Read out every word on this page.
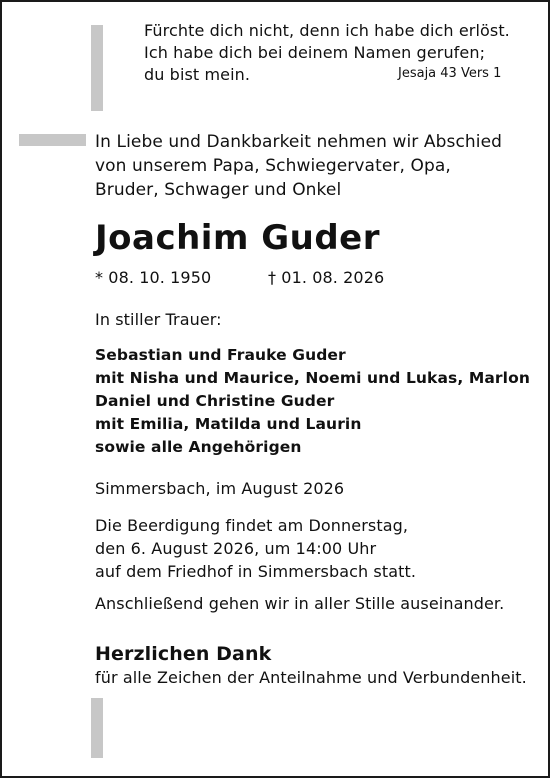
Fürchte dich nicht, denn ich habe dich erlöst.
Ich habe dich bei deinem Namen gerufen;
du bist mein.	Jesaja 43 Vers 1
In Liebe und Dankbarkeit nehmen wir Abschied
von unserem Papa, Schwiegervater, Opa,
Bruder, Schwager und Onkel
Joachim Guder
* 08. 10. 1950	† 01. 08. 2026
In stiller Trauer:
Sebastian und Frauke Guder
mit Nisha und Maurice, Noemi und Lukas, Marlon
Daniel und Christine Guder
mit Emilia, Matilda und Laurin
sowie alle Angehörigen
Simmersbach, im August 2026
Die Beerdigung findet am Donnerstag,
den 6. August 2026, um 14:00 Uhr
auf dem Friedhof in Simmersbach statt.
Anschließend gehen wir in aller Stille auseinander.
Herzlichen Dank
für alle Zeichen der Anteilnahme und Verbundenheit.
